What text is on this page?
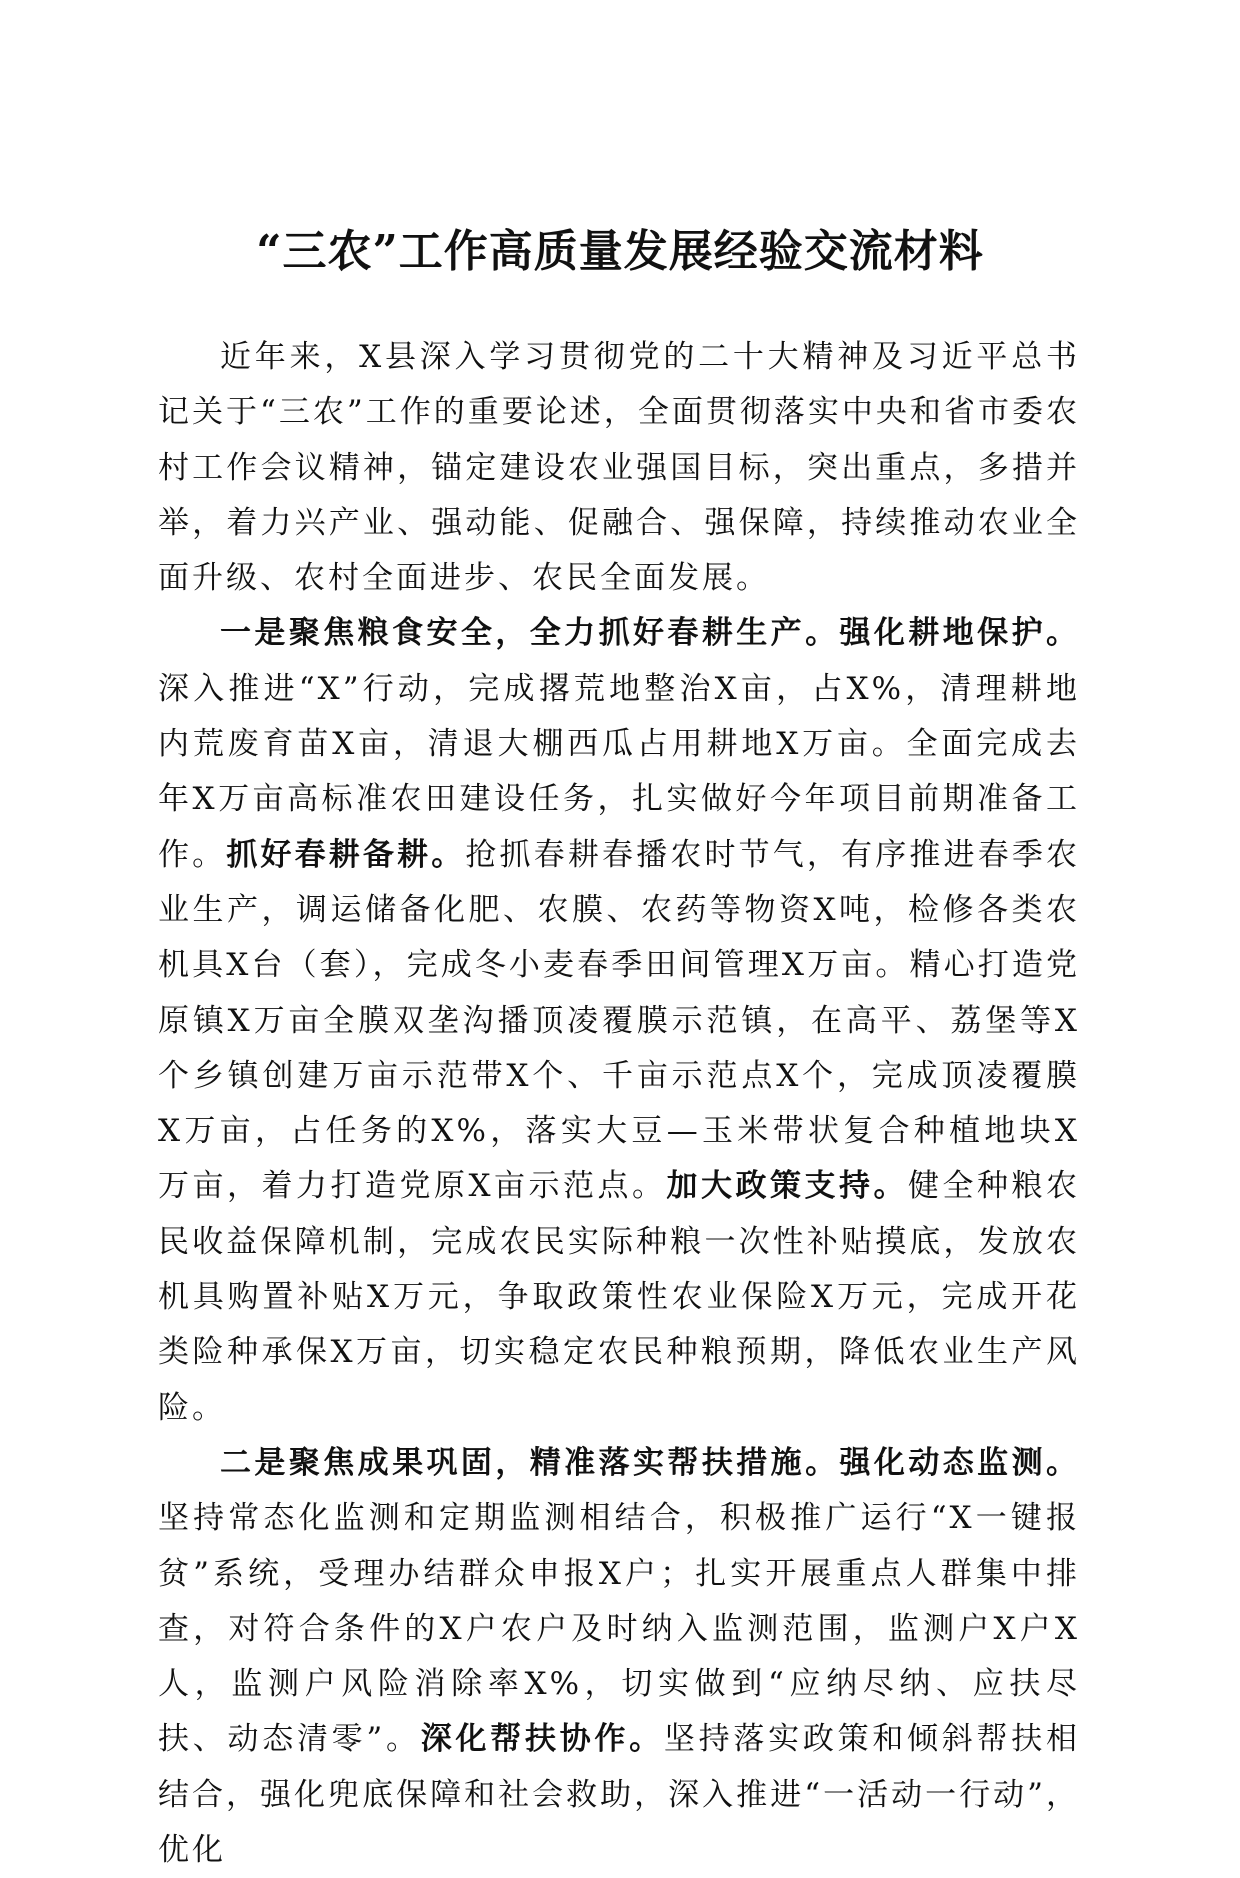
“三农”工作高质量发展经验交流材料

近年来，X县深入学习贯彻党的二十大精神及习近平总书记关于“三农”工作的重要论述，全面贯彻落实中央和省市委农村工作会议精神，锚定建设农业强国目标，突出重点，多措并举，着力兴产业、强动能、促融合、强保障，持续推动农业全面升级、农村全面进步、农民全面发展。

一是聚焦粮食安全，全力抓好春耕生产。强化耕地保护。深入推进“X”行动，完成撂荒地整治X亩，占X%，清理耕地内荒废育苗X亩，清退大棚西瓜占用耕地X万亩。全面完成去年X万亩高标准农田建设任务，扎实做好今年项目前期准备工作。抓好春耕备耕。抢抓春耕春播农时节气，有序推进春季农业生产，调运储备化肥、农膜、农药等物资X吨，检修各类农机具X台（套），完成冬小麦春季田间管理X万亩。精心打造党原镇X万亩全膜双垄沟播顶凌覆膜示范镇，在高平、荔堡等X个乡镇创建万亩示范带X个、千亩示范点X个，完成顶凌覆膜X万亩，占任务的X%，落实大豆—玉米带状复合种植地块X万亩，着力打造党原X亩示范点。加大政策支持。健全种粮农民收益保障机制，完成农民实际种粮一次性补贴摸底，发放农机具购置补贴X万元，争取政策性农业保险X万元，完成开花类险种承保X万亩，切实稳定农民种粮预期，降低农业生产风险。

二是聚焦成果巩固，精准落实帮扶措施。强化动态监测。坚持常态化监测和定期监测相结合，积极推广运行“X一键报贫”系统，受理办结群众申报X户；扎实开展重点人群集中排查，对符合条件的X户农户及时纳入监测范围，监测户X户X人，监测户风险消除率X%，切实做到“应纳尽纳、应扶尽扶、动态清零”。深化帮扶协作。坚持落实政策和倾斜帮扶相结合，强化兜底保障和社会救助，深入推进“一活动一行动”，优化
